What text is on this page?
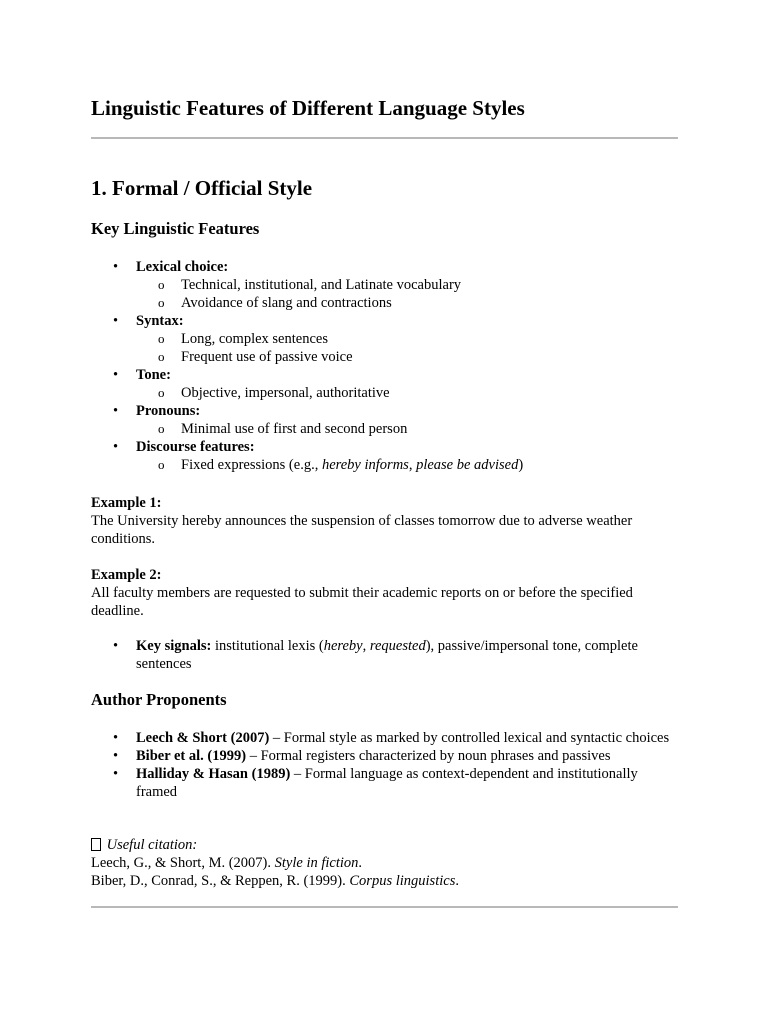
Linguistic Features of Different Language Styles
1. Formal / Official Style
Key Linguistic Features
• Lexical choice:
o Technical, institutional, and Latinate vocabulary
o Avoidance of slang and contractions
• Syntax:
o Long, complex sentences
o Frequent use of passive voice
• Tone:
o Objective, impersonal, authoritative
• Pronouns:
o Minimal use of first and second person
• Discourse features:
o Fixed expressions (e.g., hereby informs, please be advised)
Example 1:
The University hereby announces the suspension of classes tomorrow due to adverse weather conditions.
Example 2:
All faculty members are requested to submit their academic reports on or before the specified deadline.
• Key signals: institutional lexis (hereby, requested), passive/impersonal tone, complete sentences
Author Proponents
• Leech & Short (2007) – Formal style as marked by controlled lexical and syntactic choices
• Biber et al. (1999) – Formal registers characterized by noun phrases and passives
• Halliday & Hasan (1989) – Formal language as context-dependent and institutionally framed
Useful citation:
Leech, G., & Short, M. (2007). Style in fiction.
Biber, D., Conrad, S., & Reppen, R. (1999). Corpus linguistics.
